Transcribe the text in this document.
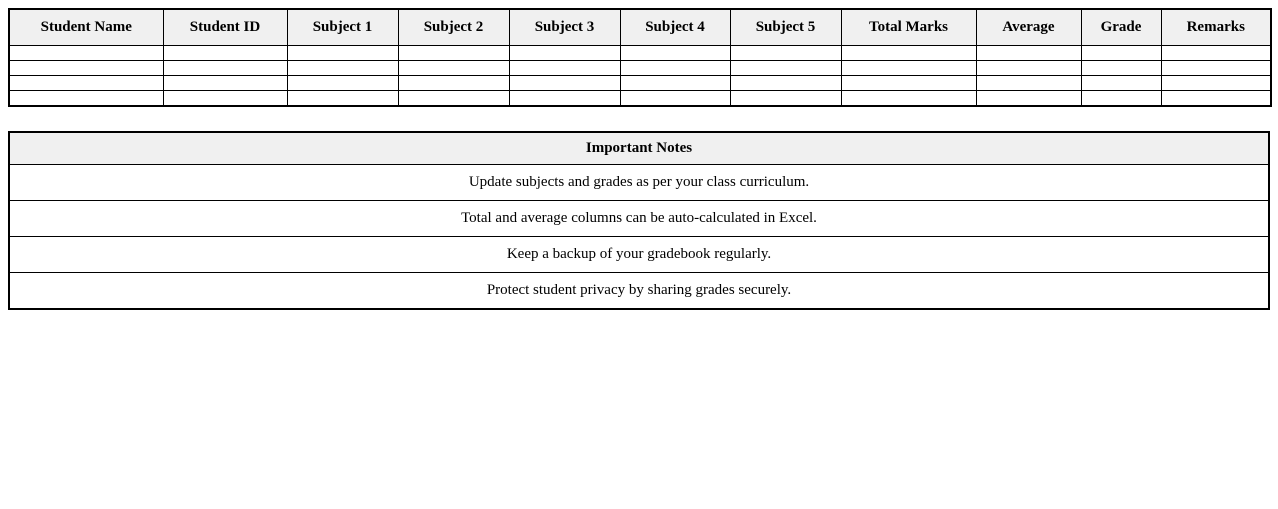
Student Name	Student ID	Subject 1	Subject 2	Subject 3	Subject 4	Subject 5	Total Marks	Average	Grade	Remarks

Important Notes
Update subjects and grades as per your class curriculum.
Total and average columns can be auto-calculated in Excel.
Keep a backup of your gradebook regularly.
Protect student privacy by sharing grades securely.
